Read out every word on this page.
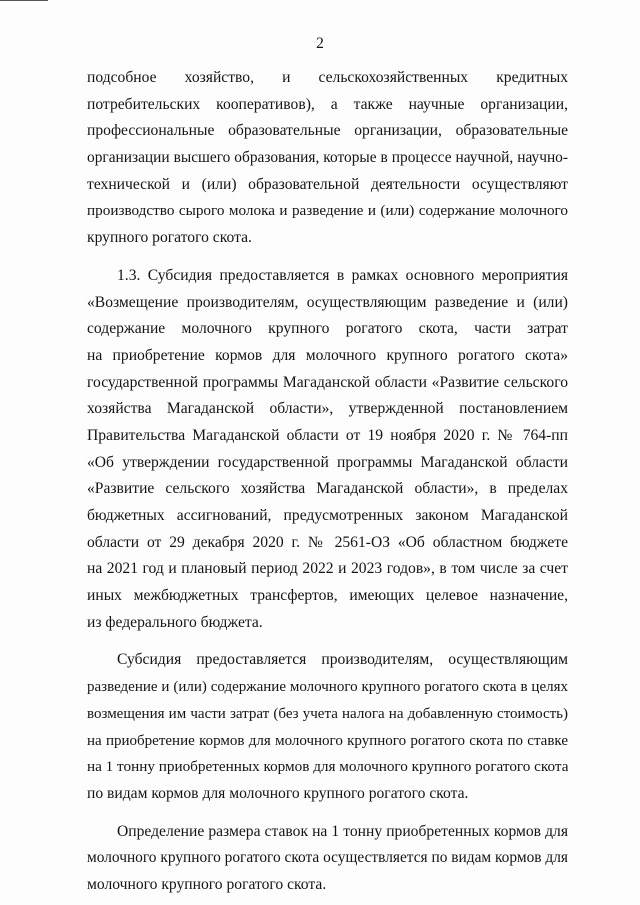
2
подсобное хозяйство, и сельскохозяйственных кредитных
потребительских кооперативов), а также научные организации,
профессиональные образовательные организации, образовательные
организации высшего образования, которые в процессе научной, научно-
технической и (или) образовательной деятельности осуществляют
производство сырого молока и разведение и (или) содержание молочного
крупного рогатого скота.
1.3. Субсидия предоставляется в рамках основного мероприятия
«Возмещение производителям, осуществляющим разведение и (или)
содержание молочного крупного рогатого скота, части затрат
на приобретение кормов для молочного крупного рогатого скота»
государственной программы Магаданской области «Развитие сельского
хозяйства Магаданской области», утвержденной постановлением
Правительства Магаданской области от 19 ноября 2020 г. № 764-пп
«Об утверждении государственной программы Магаданской области
«Развитие сельского хозяйства Магаданской области», в пределах
бюджетных ассигнований, предусмотренных законом Магаданской
области от 29 декабря 2020 г. № 2561-ОЗ «Об областном бюджете
на 2021 год и плановый период 2022 и 2023 годов», в том числе за счет
иных межбюджетных трансфертов, имеющих целевое назначение,
из федерального бюджета.
Субсидия предоставляется производителям, осуществляющим
разведение и (или) содержание молочного крупного рогатого скота в целях
возмещения им части затрат (без учета налога на добавленную стоимость)
на приобретение кормов для молочного крупного рогатого скота по ставке
на 1 тонну приобретенных кормов для молочного крупного рогатого скота
по видам кормов для молочного крупного рогатого скота.
Определение размера ставок на 1 тонну приобретенных кормов для
молочного крупного рогатого скота осуществляется по видам кормов для
молочного крупного рогатого скота.
